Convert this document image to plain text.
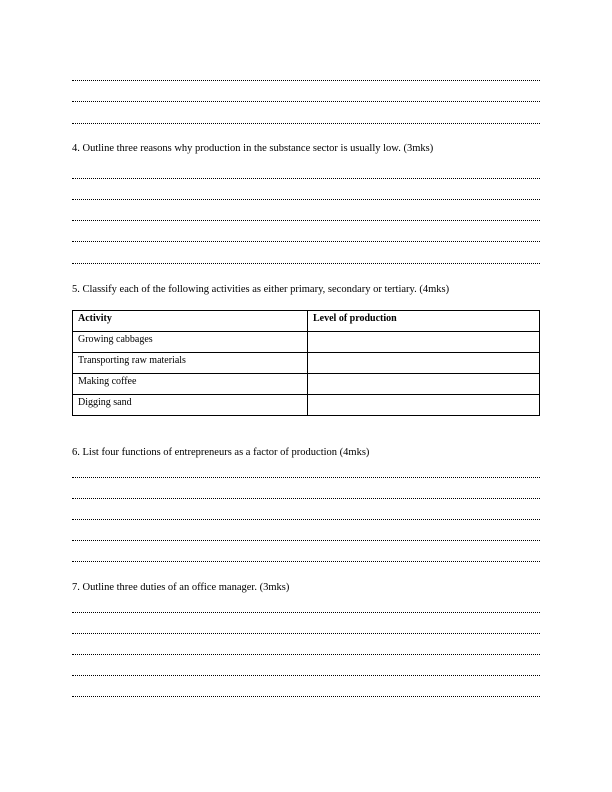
4. Outline three reasons why production in the substance sector is usually low. (3mks)
5. Classify each of the following activities as either primary, secondary or tertiary. (4mks)
Activity	Level of production
Growing cabbages	
Transporting raw materials	
Making coffee	
Digging sand	
6. List four functions of entrepreneurs as a factor of production (4mks)
7. Outline three duties of an office manager. (3mks)
